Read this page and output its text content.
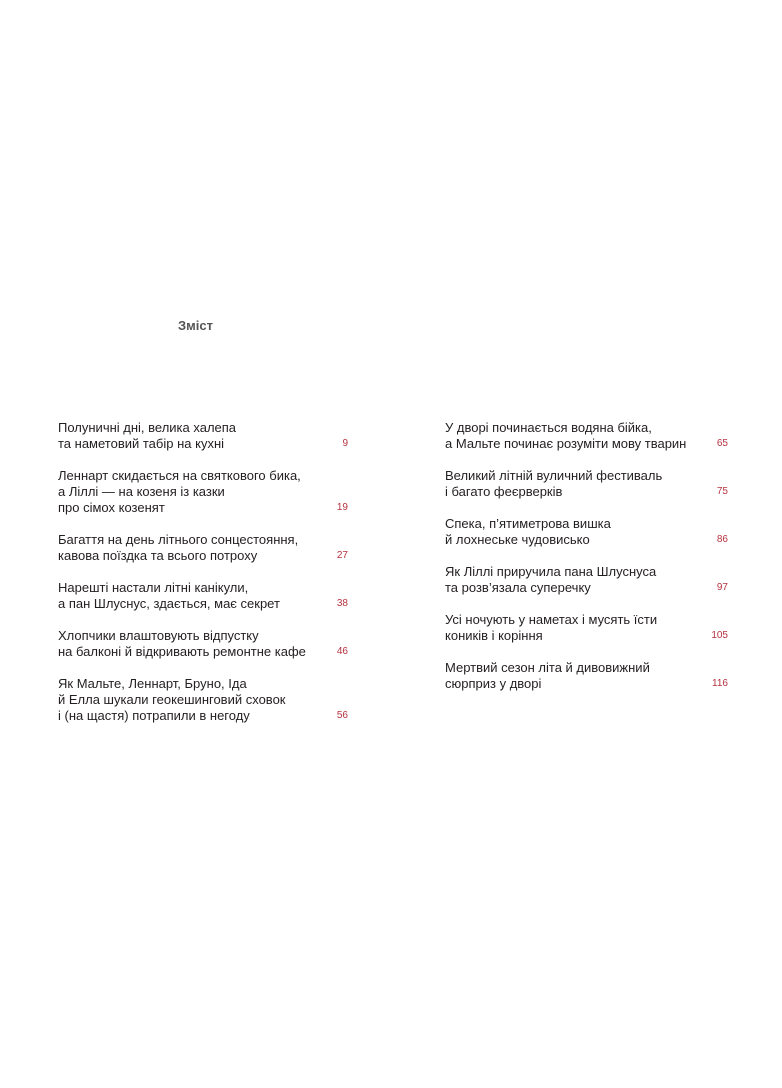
Зміст
Полуничні дні, велика халепа
та наметовий табір на кухні	9
Леннарт скидається на святкового бика,
а Ліллі — на козеня із казки
про сімох козенят	19
Багаття на день літнього сонцестояння,
кавова поїздка та всього потроху	27
Нарешті настали літні канікули,
а пан Шлуснус, здається, має секрет	38
Хлопчики влаштовують відпустку
на балконі й відкривають ремонтне кафе	46
Як Мальте, Леннарт, Бруно, Іда
й Елла шукали геокешинговий сховок
і (на щастя) потрапили в негоду	56
У дворі починається водяна бійка,
а Мальте починає розуміти мову тварин	65
Великий літній вуличний фестиваль
і багато феєрверків	75
Спека, п’ятиметрова вишка
й лохнеське чудовисько	86
Як Ліллі приручила пана Шлуснуса
та розв’язала суперечку	97
Усі ночують у наметах і мусять їсти
коників і коріння	105
Мертвий сезон літа й дивовижний
сюрприз у дворі	116
